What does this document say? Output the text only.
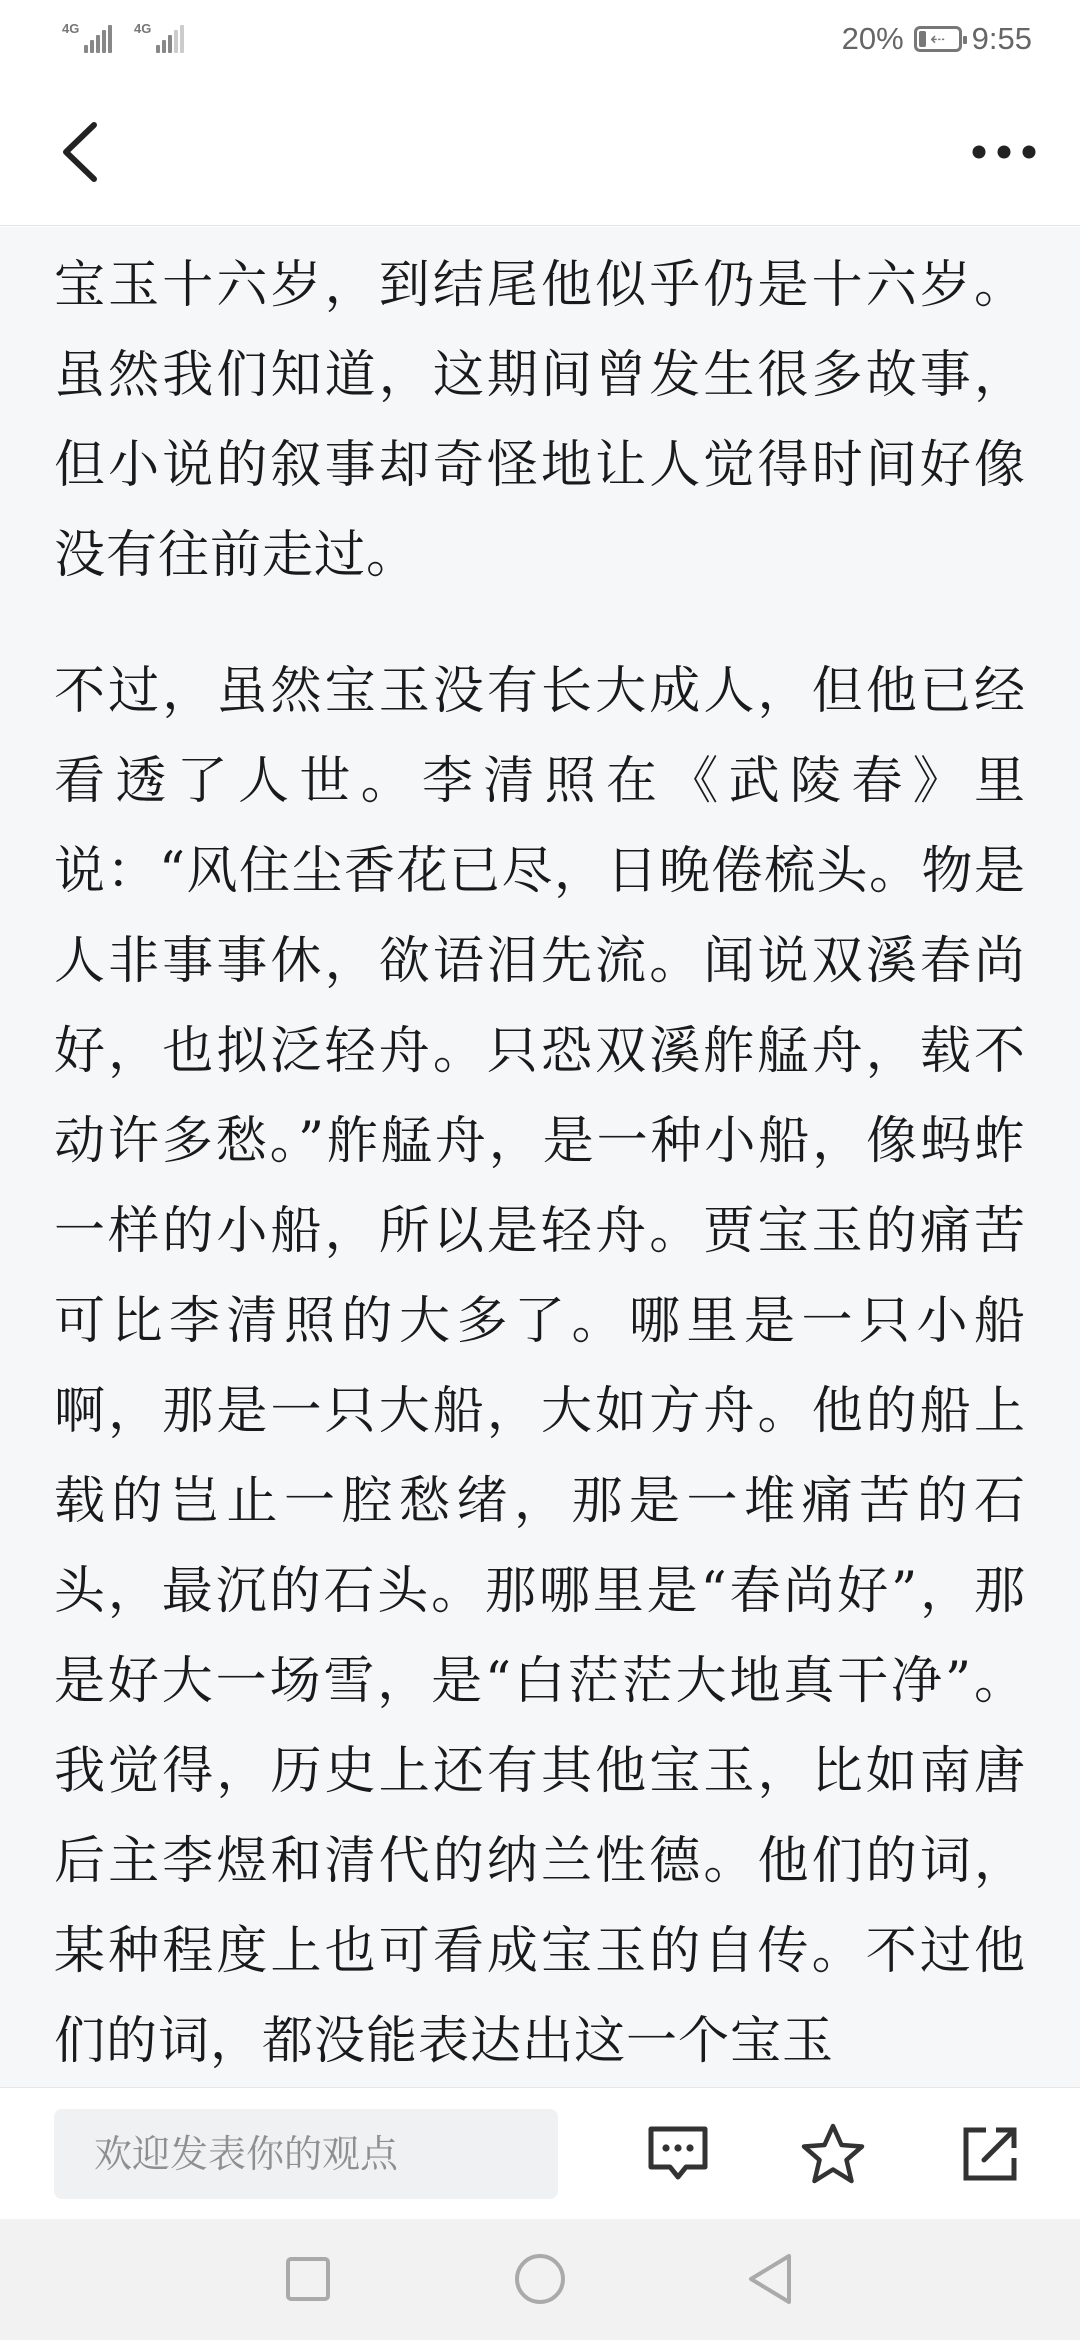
4G	4G	20% ⇠ 9:55

宝玉十六岁，到结尾他似乎仍是十六岁。虽然我们知道，这期间曾发生很多故事，但小说的叙事却奇怪地让人觉得时间好像没有往前走过。

不过，虽然宝玉没有长大成人，但他已经看透了人世。李清照在《武陵春》里说：“风住尘香花已尽，日晚倦梳头。物是人非事事休，欲语泪先流。闻说双溪春尚好，也拟泛轻舟。只恐双溪舴艋舟，载不动许多愁。”舴艋舟，是一种小船，像蚂蚱一样的小船，所以是轻舟。贾宝玉的痛苦可比李清照的大多了。哪里是一只小船啊，那是一只大船，大如方舟。他的船上载的岂止一腔愁绪，那是一堆痛苦的石头，最沉的石头。那哪里是“春尚好”，那是好大一场雪，是“白茫茫大地真干净”。我觉得，历史上还有其他宝玉，比如南唐后主李煜和清代的纳兰性德。他们的词，某种程度上也可看成宝玉的自传。不过他们的词，都没能表达出这一个宝玉

欢迎发表你的观点
